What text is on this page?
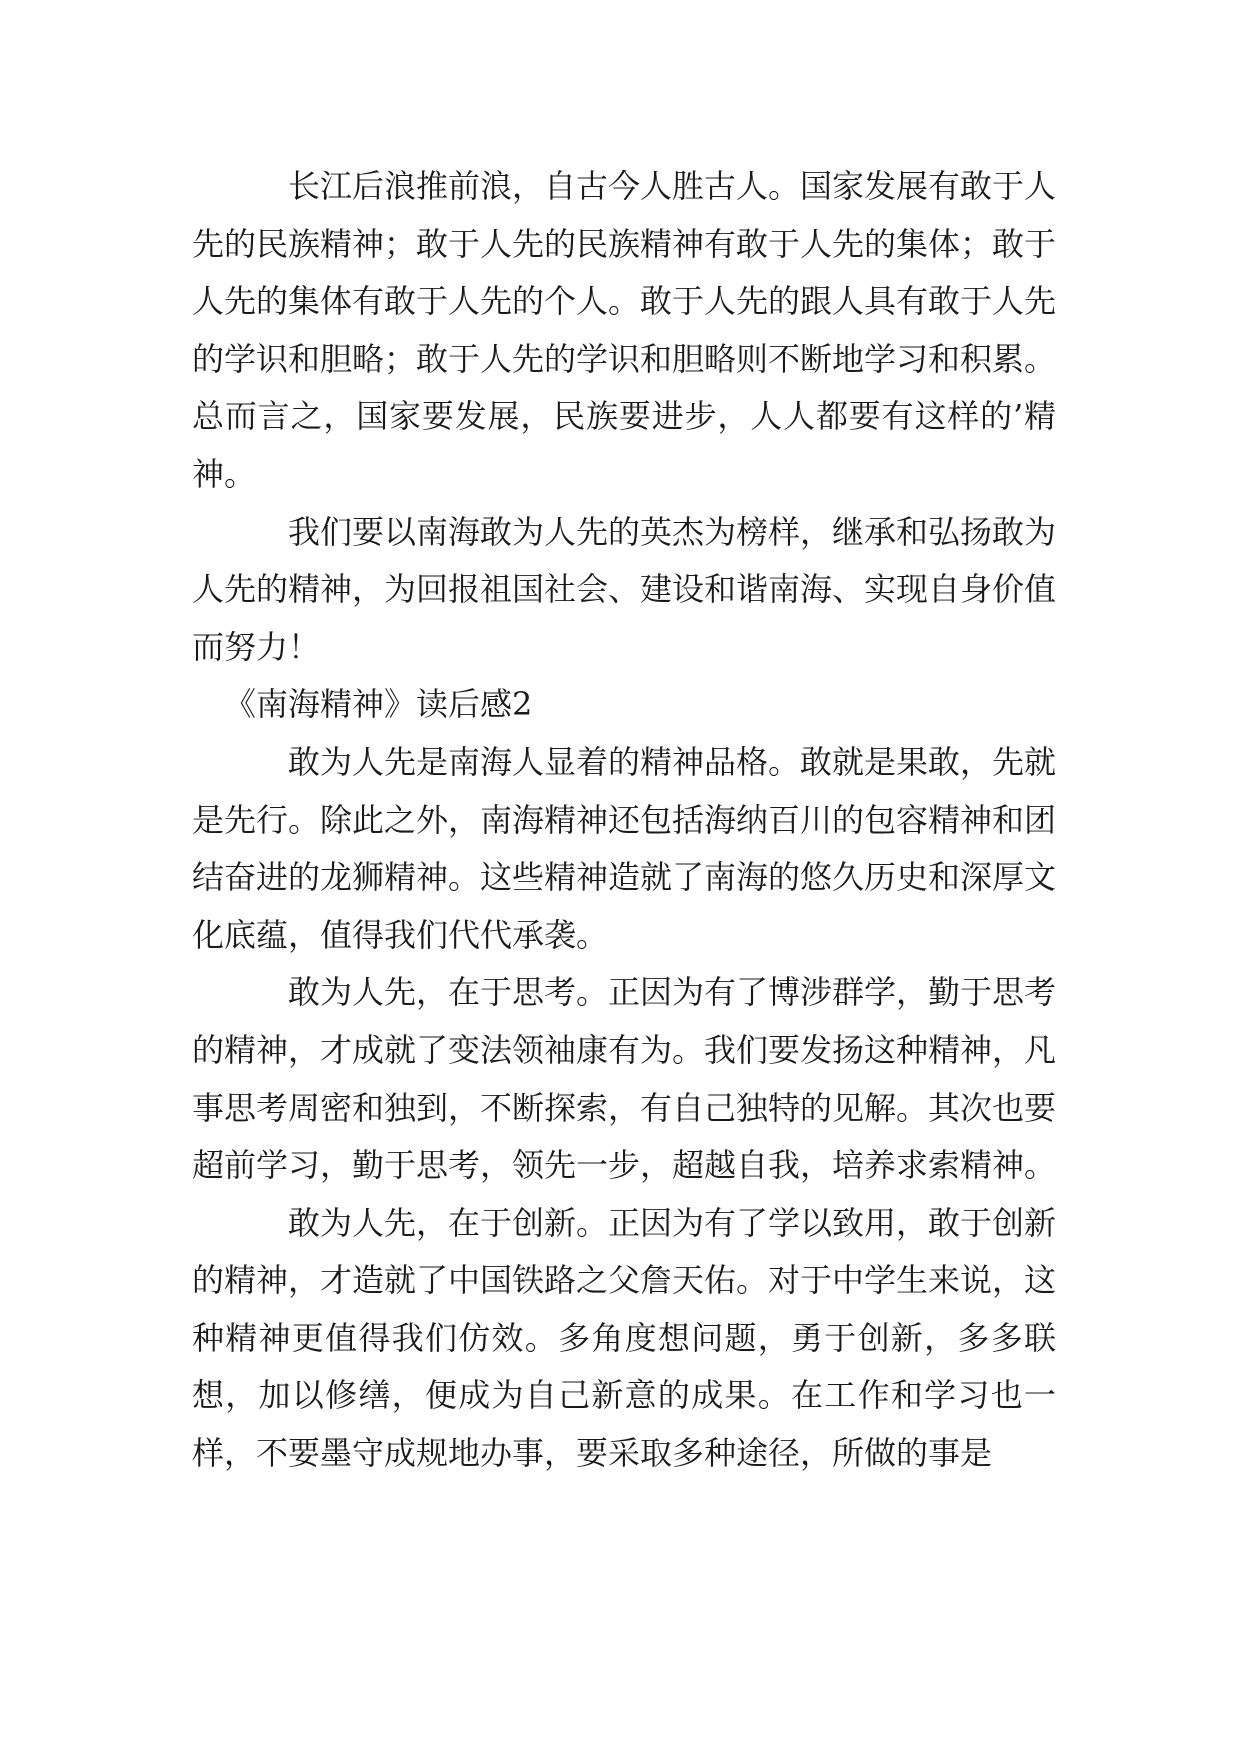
长江后浪推前浪，自古今人胜古人。国家发展有敢于人先的民族精神；敢于人先的民族精神有敢于人先的集体；敢于人先的集体有敢于人先的个人。敢于人先的跟人具有敢于人先的学识和胆略；敢于人先的学识和胆略则不断地学习和积累。总而言之，国家要发展，民族要进步，人人都要有这样的’精神。

我们要以南海敢为人先的英杰为榜样，继承和弘扬敢为人先的精神，为回报祖国社会、建设和谐南海、实现自身价值而努力！

《南海精神》读后感2

敢为人先是南海人显着的精神品格。敢就是果敢，先就是先行。除此之外，南海精神还包括海纳百川的包容精神和团结奋进的龙狮精神。这些精神造就了南海的悠久历史和深厚文化底蕴，值得我们代代承袭。

敢为人先，在于思考。正因为有了博涉群学，勤于思考的精神，才成就了变法领袖康有为。我们要发扬这种精神，凡事思考周密和独到，不断探索，有自己独特的见解。其次也要超前学习，勤于思考，领先一步，超越自我，培养求索精神。

敢为人先，在于创新。正因为有了学以致用，敢于创新的精神，才造就了中国铁路之父詹天佑。对于中学生来说，这种精神更值得我们仿效。多角度想问题，勇于创新，多多联想，加以修缮，便成为自己新意的成果。在工作和学习也一样，不要墨守成规地办事，要采取多种途径，所做的事是
